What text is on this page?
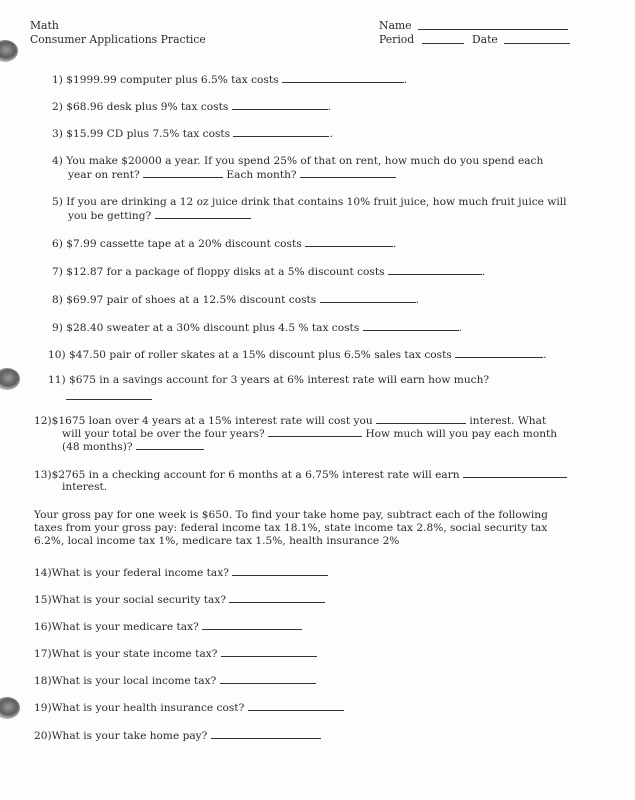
Math
Consumer Applications Practice
Name
Period	Date
1) $1999.99 computer plus 6.5% tax costs	.
2) $68.96 desk plus 9% tax costs	.
3) $15.99 CD plus 7.5% tax costs	.
4) You make $20000 a year. If you spend 25% of that on rent, how much do you spend each
year on rent?	Each month?
5) If you are drinking a 12 oz juice drink that contains 10% fruit juice, how much fruit juice will
you be getting?
6) $7.99 cassette tape at a 20% discount costs	.
7) $12.87 for a package of floppy disks at a 5% discount costs	.
8) $69.97 pair of shoes at a 12.5% discount costs	.
9) $28.40 sweater at a 30% discount plus 4.5 % tax costs	.
10) $47.50 pair of roller skates at a 15% discount plus 6.5% sales tax costs	.
11) $675 in a savings account for 3 years at 6% interest rate will earn how much?
12)$1675 loan over 4 years at a 15% interest rate will cost you	interest. What
will your total be over the four years?	How much will you pay each month
(48 months)?
13)$2765 in a checking account for 6 months at a 6.75% interest rate will earn
interest.
Your gross pay for one week is $650. To find your take home pay, subtract each of the following
taxes from your gross pay: federal income tax 18.1%, state income tax 2.8%, social security tax
6.2%, local income tax 1%, medicare tax 1.5%, health insurance 2%
14)What is your federal income tax?
15)What is your social security tax?
16)What is your medicare tax?
17)What is your state income tax?
18)What is your local income tax?
19)What is your health insurance cost?
20)What is your take home pay?
